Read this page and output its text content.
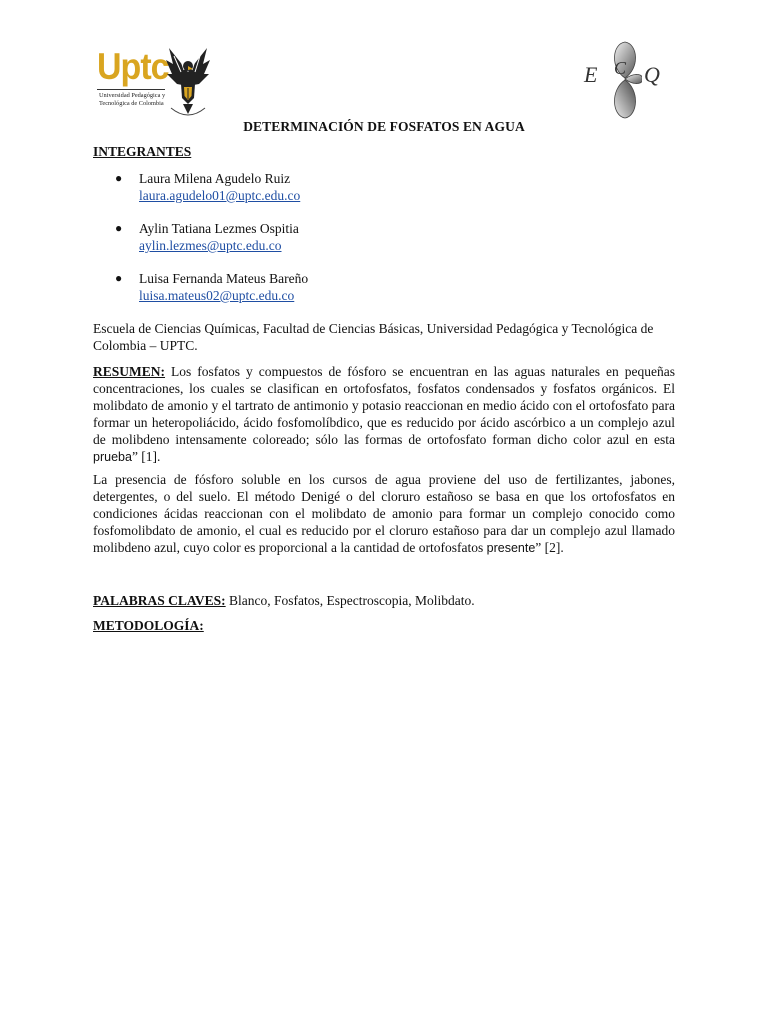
Uptc
Universidad Pedagógica y Tecnológica de Colombia
E C Q
DETERMINACIÓN DE FOSFATOS EN AGUA
INTEGRANTES
● Laura Milena Agudelo Ruiz
laura.agudelo01@uptc.edu.co
● Aylin Tatiana Lezmes Ospitia
aylin.lezmes@uptc.edu.co
● Luisa Fernanda Mateus Bareño
luisa.mateus02@uptc.edu.co
Escuela de Ciencias Químicas, Facultad de Ciencias Básicas, Universidad Pedagógica y Tecnológica de Colombia – UPTC.
RESUMEN: Los fosfatos y compuestos de fósforo se encuentran en las aguas naturales en pequeñas concentraciones, los cuales se clasifican en ortofosfatos, fosfatos condensados y fosfatos orgánicos. El molibdato de amonio y el tartrato de antimonio y potasio reaccionan en medio ácido con el ortofosfato para formar un heteropoliácido, ácido fosfomolíbdico, que es reducido por ácido ascórbico a un complejo azul de molibdeno intensamente coloreado; sólo las formas de ortofosfato forman dicho color azul en esta prueba” [1].
La presencia de fósforo soluble en los cursos de agua proviene del uso de fertilizantes, jabones, detergentes, o del suelo. El método Denigé o del cloruro estañoso se basa en que los ortofosfatos en condiciones ácidas reaccionan con el molibdato de amonio para formar un complejo conocido como fosfomolibdato de amonio, el cual es reducido por el cloruro estañoso para dar un complejo azul llamado molibdeno azul, cuyo color es proporcional a la cantidad de ortofosfatos presente” [2].
PALABRAS CLAVES: Blanco, Fosfatos, Espectroscopia, Molibdato.
METODOLOGÍA:
